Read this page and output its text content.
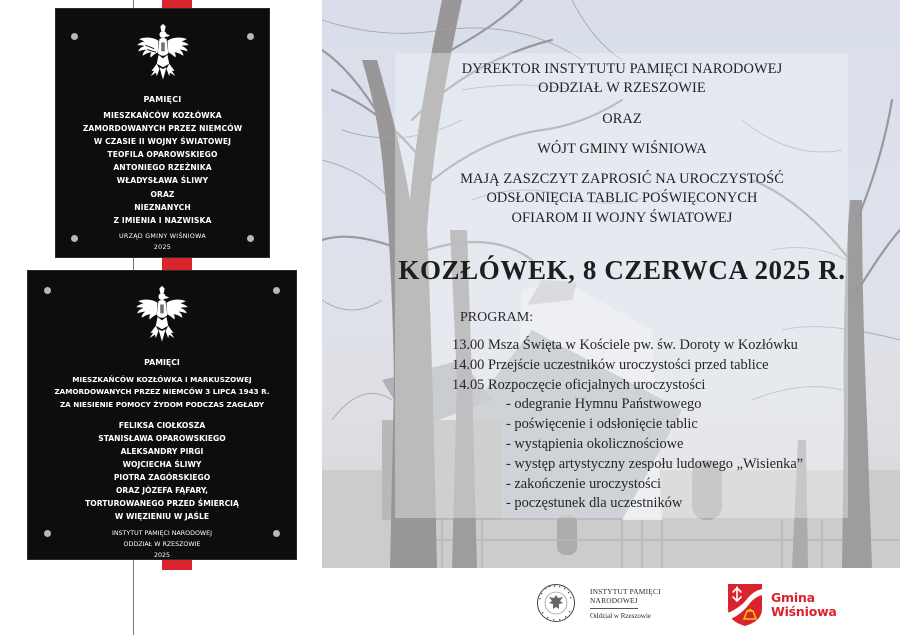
PAMIĘCI
MIESZKAŃCÓW KOZŁÓWKA
ZAMORDOWANYCH PRZEZ NIEMCÓW
W CZASIE II WOJNY ŚWIATOWEJ
TEOFILA OPAROWSKIEGO
ANTONIEGO RZEŹNIKA
WŁADYSŁAWA ŚLIWY
ORAZ
NIEZNANYCH
Z IMIENIA I NAZWISKA
URZĄD GMINY WIŚNIOWA
2025
PAMIĘCI
MIESZKAŃCÓW KOZŁÓWKA I MARKUSZOWEJ
ZAMORDOWANYCH PRZEZ NIEMCÓW 3 LIPCA 1943 R.
ZA NIESIENIE POMOCY ŻYDOM PODCZAS ZAGŁADY
FELIKSA CIOŁKOSZA
STANISŁAWA OPAROWSKIEGO
ALEKSANDRY PIRGI
WOJCIECHA ŚLIWY
PIOTRA ZAGÓRSKIEGO
ORAZ JÓZEFA FĄFARY,
TORTUROWANEGO PRZED ŚMIERCIĄ
W WIĘZIENIU W JAŚLE
INSTYTUT PAMIĘCI NARODOWEJ
ODDZIAŁ W RZESZOWIE
2025
DYREKTOR INSTYTUTU PAMIĘCI NARODOWEJ
ODDZIAŁ W RZESZOWIE
ORAZ
WÓJT GMINY WIŚNIOWA
MAJĄ ZASZCZYT ZAPROSIĆ NA UROCZYSTOŚĆ
ODSŁONIĘCIA TABLIC POŚWIĘCONYCH
OFIAROM II WOJNY ŚWIATOWEJ
KOZŁÓWEK, 8 CZERWCA 2025 R.
PROGRAM:
13.00 Msza Święta w Kościele pw. św. Doroty w Kozłówku
14.00 Przejście uczestników uroczystości przed tablice
14.05 Rozpoczęcie oficjalnych uroczystości
- odegranie Hymnu Państwowego
- poświęcenie i odsłonięcie tablic
- wystąpienia okolicznościowe
- występ artystyczny zespołu ludowego „Wisienka”
- zakończenie uroczystości
- poczęstunek dla uczestników
INSTYTUT PAMIĘCI
NARODOWEJ
Oddział w Rzeszowie
Gmina
Wiśniowa
